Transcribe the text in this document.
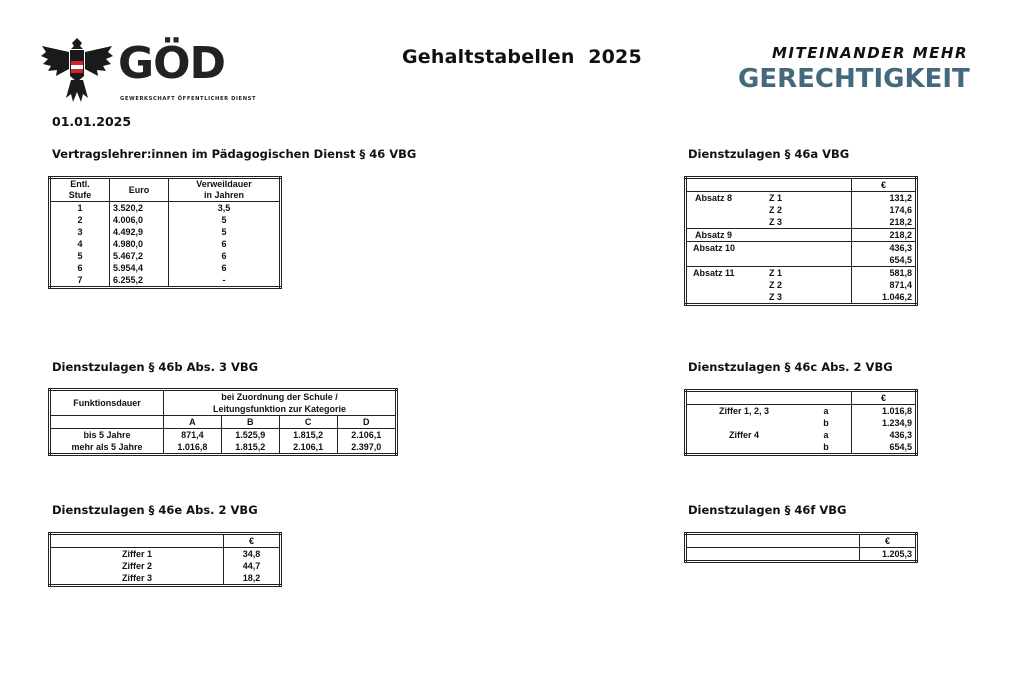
GÖD
GEWERKSCHAFT ÖFFENTLICHER DIENST
Gehaltstabellen  2025	MITEINANDER MEHR
GERECHTIGKEIT
01.01.2025
Vertragslehrer:innen im Pädagogischen Dienst § 46 VBG
Entl.
Stufe	Euro	Verweildauer
in Jahren
1	3.520,2	3,5
2	4.006,0	5
3	4.492,9	5
4	4.980,0	6
5	5.467,2	6
6	5.954,4	6
7	6.255,2	-
Dienstzulagen § 46a VBG
		€
Absatz 8	Z 1	131,2
	Z 2	174,6
	Z 3	218,2
Absatz 9		218,2
Absatz 10		436,3
		654,5
Absatz 11	Z 1	581,8
	Z 2	871,4
	Z 3	1.046,2
Dienstzulagen § 46b Abs. 3 VBG
Funktionsdauer	bei Zuordnung der Schule /			
	Leitungsfunktion zur Kategorie			
	A	B	C	D
bis 5 Jahre	871,4	1.525,9	1.815,2	2.106,1
mehr als 5 Jahre	1.016,8	1.815,2	2.106,1	2.397,0
Dienstzulagen § 46c Abs. 2 VBG
		€
Ziffer 1, 2, 3	a	1.016,8
	b	1.234,9
Ziffer 4	a	436,3
	b	654,5
Dienstzulagen § 46e Abs. 2 VBG
	€
Ziffer 1	34,8
Ziffer 2	44,7
Ziffer 3	18,2
Dienstzulagen § 46f VBG
	€
	1.205,3
